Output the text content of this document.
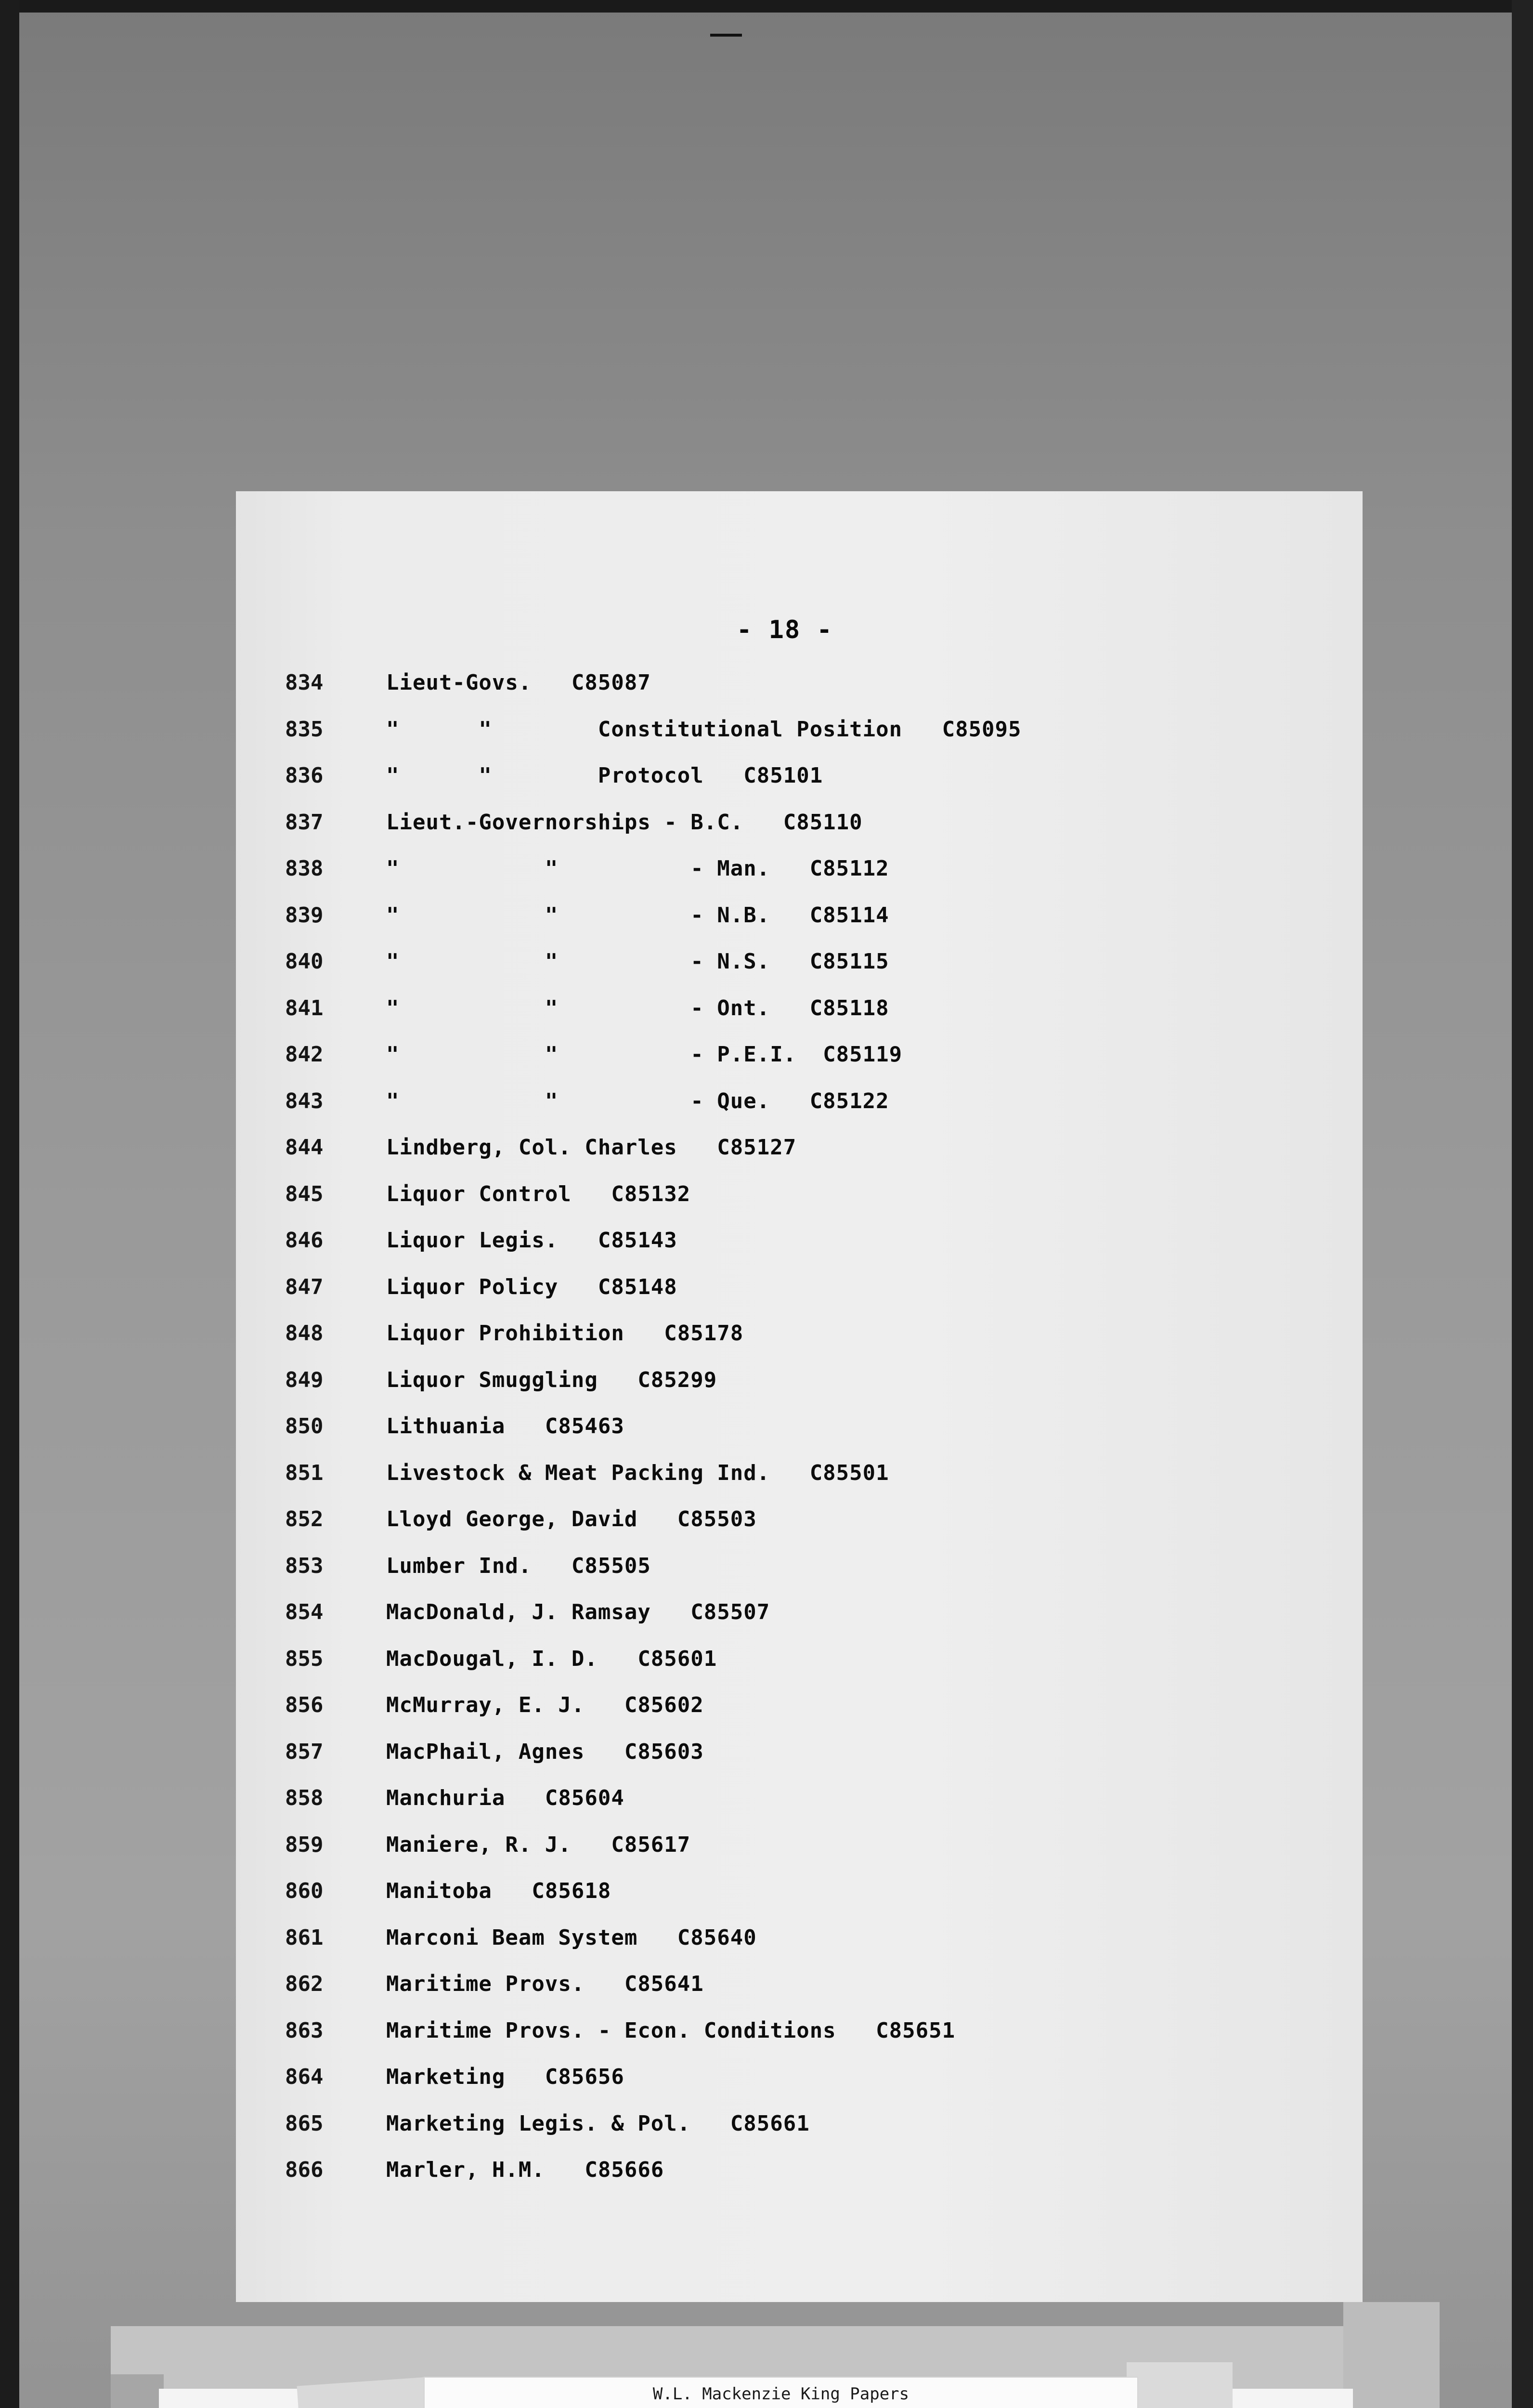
- 18 -
834	Lieut-Govs.   C85087
835	"      "        Constitutional Position   C85095
836	"      "        Protocol   C85101
837	Lieut.-Governorships - B.C.   C85110
838	"           "          - Man.   C85112
839	"           "          - N.B.   C85114
840	"           "          - N.S.   C85115
841	"           "          - Ont.   C85118
842	"           "          - P.E.I.  C85119
843	"           "          - Que.   C85122
844	Lindberg, Col. Charles   C85127
845	Liquor Control   C85132
846	Liquor Legis.   C85143
847	Liquor Policy   C85148
848	Liquor Prohibition   C85178
849	Liquor Smuggling   C85299
850	Lithuania   C85463
851	Livestock & Meat Packing Ind.   C85501
852	Lloyd George, David   C85503
853	Lumber Ind.   C85505
854	MacDonald, J. Ramsay   C85507
855	MacDougal, I. D.   C85601
856	McMurray, E. J.   C85602
857	MacPhail, Agnes   C85603
858	Manchuria   C85604
859	Maniere, R. J.   C85617
860	Manitoba   C85618
861	Marconi Beam System   C85640
862	Maritime Provs.   C85641
863	Maritime Provs. - Econ. Conditions   C85651
864	Marketing   C85656
865	Marketing Legis. & Pol.   C85661
866	Marler, H.M.   C85666
W.L. Mackenzie King Papers
